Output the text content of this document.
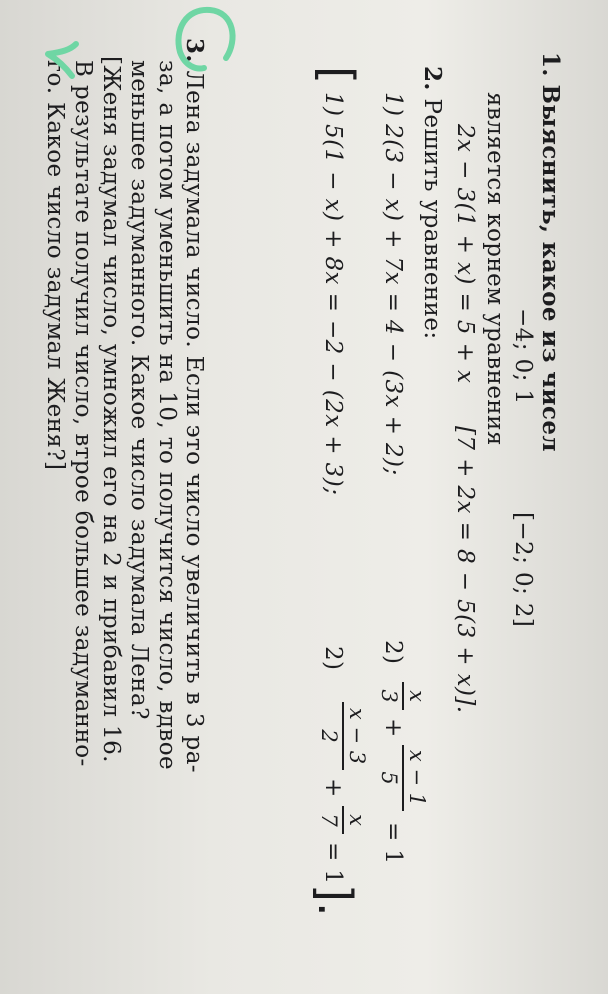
1. Выяснить, какое из чисел
−4; 0; 1
[−2; 0; 2]
является корнем уравнения
2x − 3(1 + x) = 5 + x
[7 + 2x = 8 − 5(3 + x)].
2. Решить уравнение:
1) 2(3 − x) + 7x = 4 − (3x + 2);
2)
x
3
+
x − 1
5
= 1
[
1) 5(1 − x) + 8x = −2 − (2x + 3);
2)
x − 3
2
+
x
7
= 1
].
3. Лена задумала число. Если это число увеличить в 3 ра-
за, а потом уменьшить на 10, то получится число, вдвое
меньшее задуманного. Какое число задумала Лена?
[Женя задумал число, умножил его на 2 и прибавил 16.
В результате получил число, втрое большее задуманно-
го. Какое число задумал Женя?]
